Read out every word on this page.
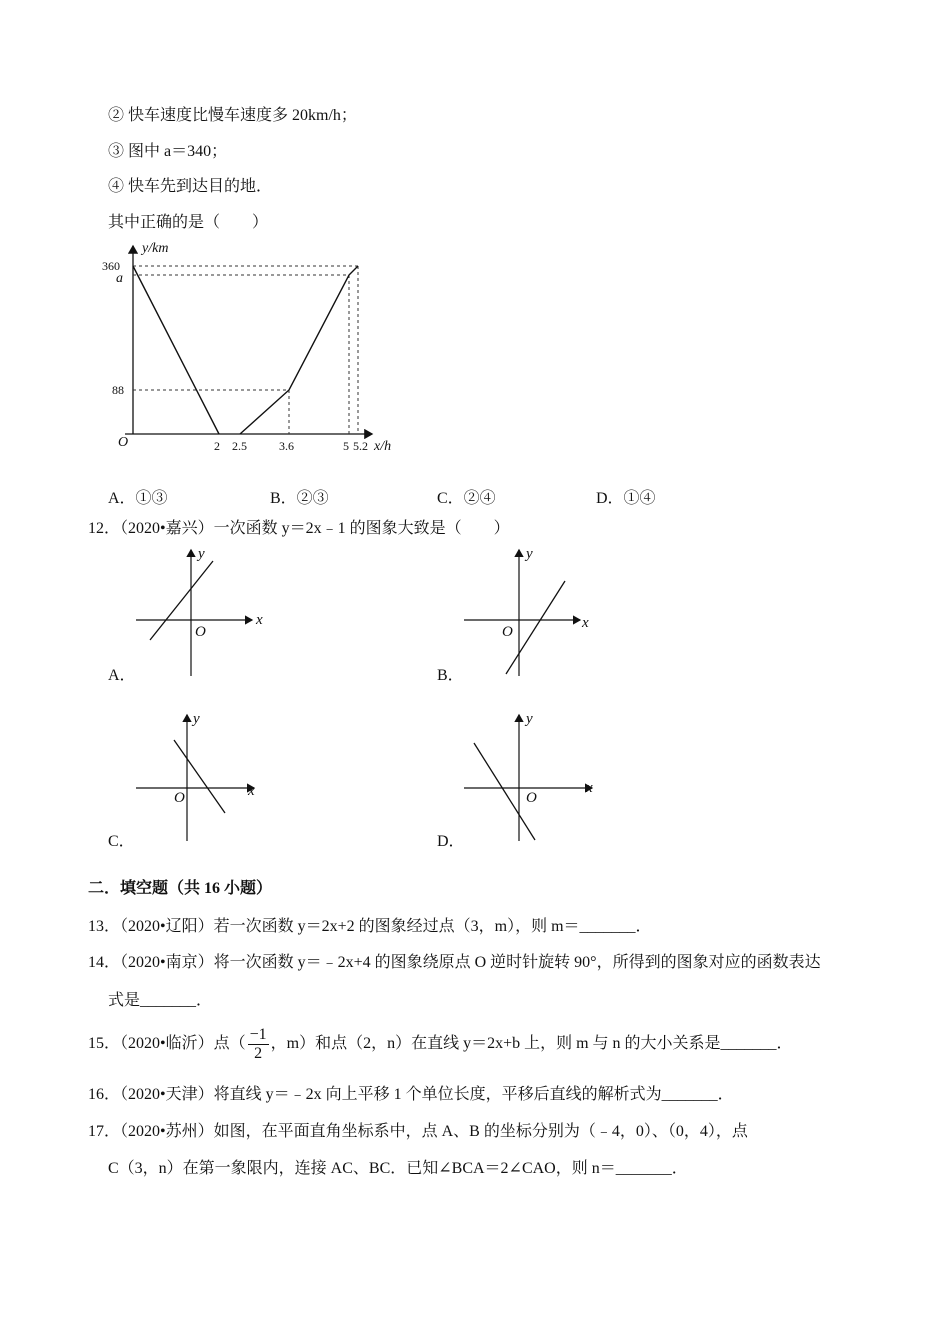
② 快车速度比慢车速度多 20km/h；
③ 图中 a＝340；
④ 快车先到达目的地．
其中正确的是（　　）
y/km
360
a
88
O	2 2.5	3.6	5 5.2 x/h
A．①③	B．②③	C．②④	D．①④
12．（2020•嘉兴）一次函数 y＝2x﹣1 的图象大致是（　　）
x
y
O
A．
x
y
O
B．
x
y
O
C．
x
y
O
D．
二．填空题（共 16 小题）
13．（2020•辽阳）若一次函数 y＝2x+2 的图象经过点（3，m），则 m＝_______．
14．（2020•南京）将一次函数 y＝﹣2x+4 的图象绕原点 O 逆时针旋转 90°，所得到的图象对应的函数表达
式是_______．
15．（2020•临沂）点（ $\frac{-1}{2}$ ，m）和点（2，n）在直线 y＝2x+b 上，则 m 与 n 的大小关系是_______．
16．（2020•天津）将直线 y＝﹣2x 向上平移 1 个单位长度，平移后直线的解析式为_______．
17．（2020•苏州）如图，在平面直角坐标系中，点 A、B 的坐标分别为（﹣4，0）、（0，4），点
C（3，n）在第一象限内，连接 AC、BC．已知∠BCA＝2∠CAO，则 n＝_______．
